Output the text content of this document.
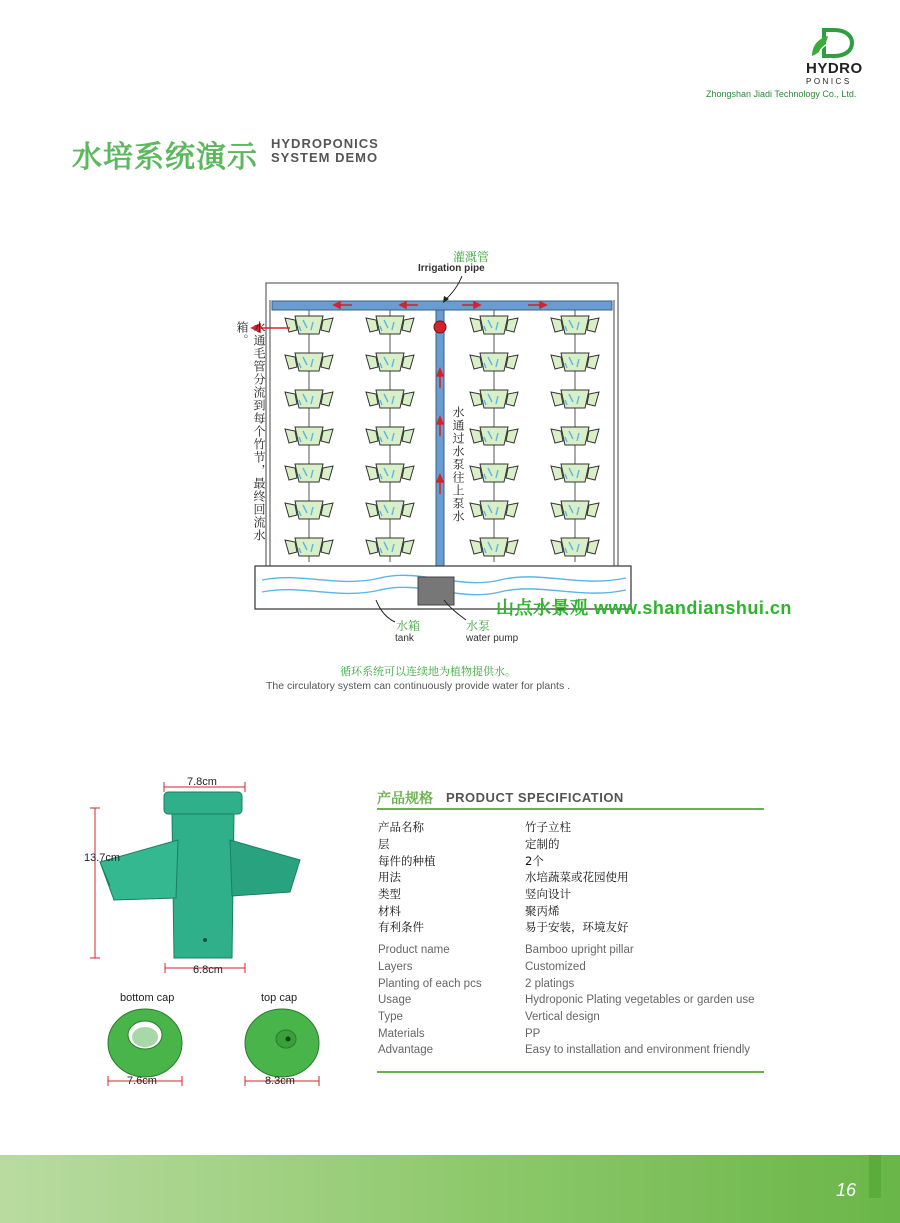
HYDRO
PONICS
Zhongshan Jiadi Technology Co., Ltd.
水培系统演示 HYDROPONICS
SYSTEM DEMO
灌溉管
Irrigation pipe
水通毛管分流到每个竹节，最终回流水箱。
水通过水泵往上泵水
水箱
tank
水泵
water pump
山点水景观 www.shandianshui.cn
循环系统可以连续地为植物提供水。
The circulatory system can continuously provide water for plants .
7.8cm
13.7cm
6.8cm
bottom cap	top cap
7.6cm	8.3cm
产品规格 PRODUCT SPECIFICATION
产品名称	竹子立柱
层	定制的
每件的种植	2个
用法	水培蔬菜或花园使用
类型	竖向设计
材料	聚丙烯
有利条件	易于安装，环境友好
Product name	Bamboo upright pillar
Layers	Customized
Planting of each pcs	2 platings
Usage	Hydroponic Plating vegetables or garden use
Type	Vertical design
Materials	PP
Advantage	Easy to installation and environment friendly
16
